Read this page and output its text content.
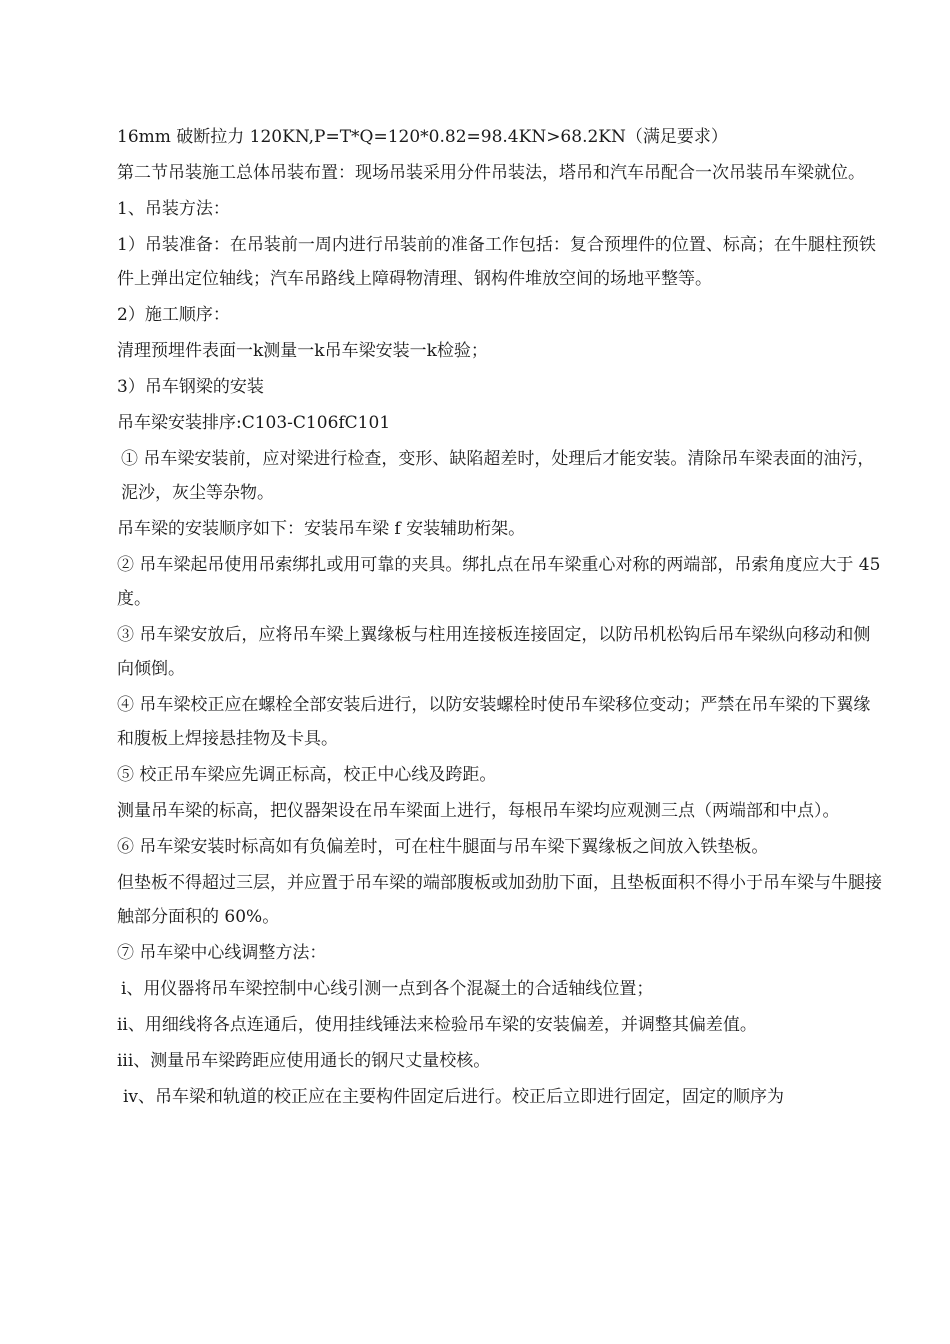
16mm 破断拉力 120KN,P=T*Q=120*0.82=98.4KN>68.2KN（满足要求）

第二节吊装施工总体吊装布置：现场吊装采用分件吊装法，塔吊和汽车吊配合一次吊装吊车梁就位。

1、吊装方法：

1）吊装准备：在吊装前一周内进行吊装前的准备工作包括：复合预埋件的位置、标高；在牛腿柱预铁件上弹出定位轴线；汽车吊路线上障碍物清理、钢构件堆放空间的场地平整等。

2）施工顺序：

清理预埋件表面一k测量一k吊车梁安装一k检验；

3）吊车钢梁的安装

吊车梁安装排序:C103-C106fC101

① 吊车梁安装前，应对梁进行检查，变形、缺陷超差时，处理后才能安装。清除吊车梁表面的油污，泥沙，灰尘等杂物。

吊车梁的安装顺序如下：安装吊车梁 f 安装辅助桁架。

② 吊车梁起吊使用吊索绑扎或用可靠的夹具。绑扎点在吊车梁重心对称的两端部，吊索角度应大于 45 度。

③ 吊车梁安放后，应将吊车梁上翼缘板与柱用连接板连接固定，以防吊机松钩后吊车梁纵向移动和侧向倾倒。

④ 吊车梁校正应在螺栓全部安装后进行，以防安装螺栓时使吊车梁移位变动；严禁在吊车梁的下翼缘和腹板上焊接悬挂物及卡具。

⑤ 校正吊车梁应先调正标高，校正中心线及跨距。

测量吊车梁的标高，把仪器架设在吊车梁面上进行，每根吊车梁均应观测三点（两端部和中点）。

⑥ 吊车梁安装时标高如有负偏差时，可在柱牛腿面与吊车梁下翼缘板之间放入铁垫板。

但垫板不得超过三层，并应置于吊车梁的端部腹板或加劲肋下面，且垫板面积不得小于吊车梁与牛腿接触部分面积的 60%。

⑦ 吊车梁中心线调整方法：

i、用仪器将吊车梁控制中心线引测一点到各个混凝土的合适轴线位置；

ii、用细线将各点连通后，使用挂线锤法来检验吊车梁的安装偏差，并调整其偏差值。

iii、测量吊车梁跨距应使用通长的钢尺丈量校核。

iv、吊车梁和轨道的校正应在主要构件固定后进行。校正后立即进行固定，固定的顺序为
